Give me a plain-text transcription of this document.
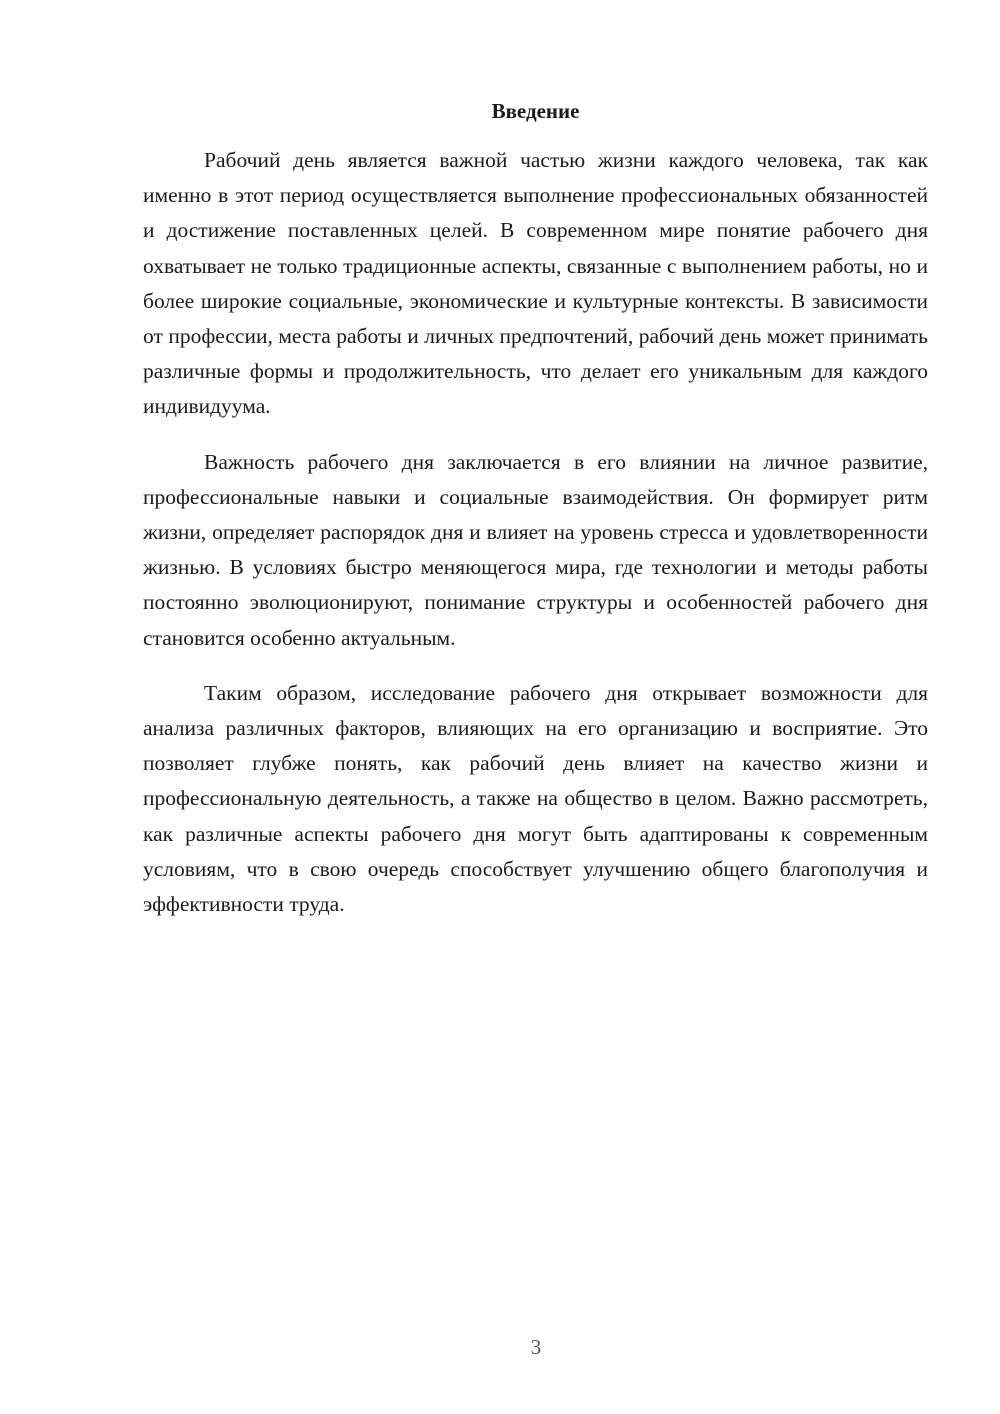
Введение

Рабочий день является важной частью жизни каждого человека, так как именно в этот период осуществляется выполнение профессиональных обязанностей и достижение поставленных целей. В современном мире понятие рабочего дня охватывает не только традиционные аспекты, связанные с выполнением работы, но и более широкие социальные, экономические и культурные контексты. В зависимости от профессии, места работы и личных предпочтений, рабочий день может принимать различные формы и продолжительность, что делает его уникальным для каждого индивидуума.

Важность рабочего дня заключается в его влиянии на личное развитие, профессиональные навыки и социальные взаимодействия. Он формирует ритм жизни, определяет распорядок дня и влияет на уровень стресса и удовлетворенности жизнью. В условиях быстро меняющегося мира, где технологии и методы работы постоянно эволюционируют, понимание структуры и особенностей рабочего дня становится особенно актуальным.

Таким образом, исследование рабочего дня открывает возможности для анализа различных факторов, влияющих на его организацию и восприятие. Это позволяет глубже понять, как рабочий день влияет на качество жизни и профессиональную деятельность, а также на общество в целом. Важно рассмотреть, как различные аспекты рабочего дня могут быть адаптированы к современным условиям, что в свою очередь способствует улучшению общего благополучия и эффективности труда.

3
